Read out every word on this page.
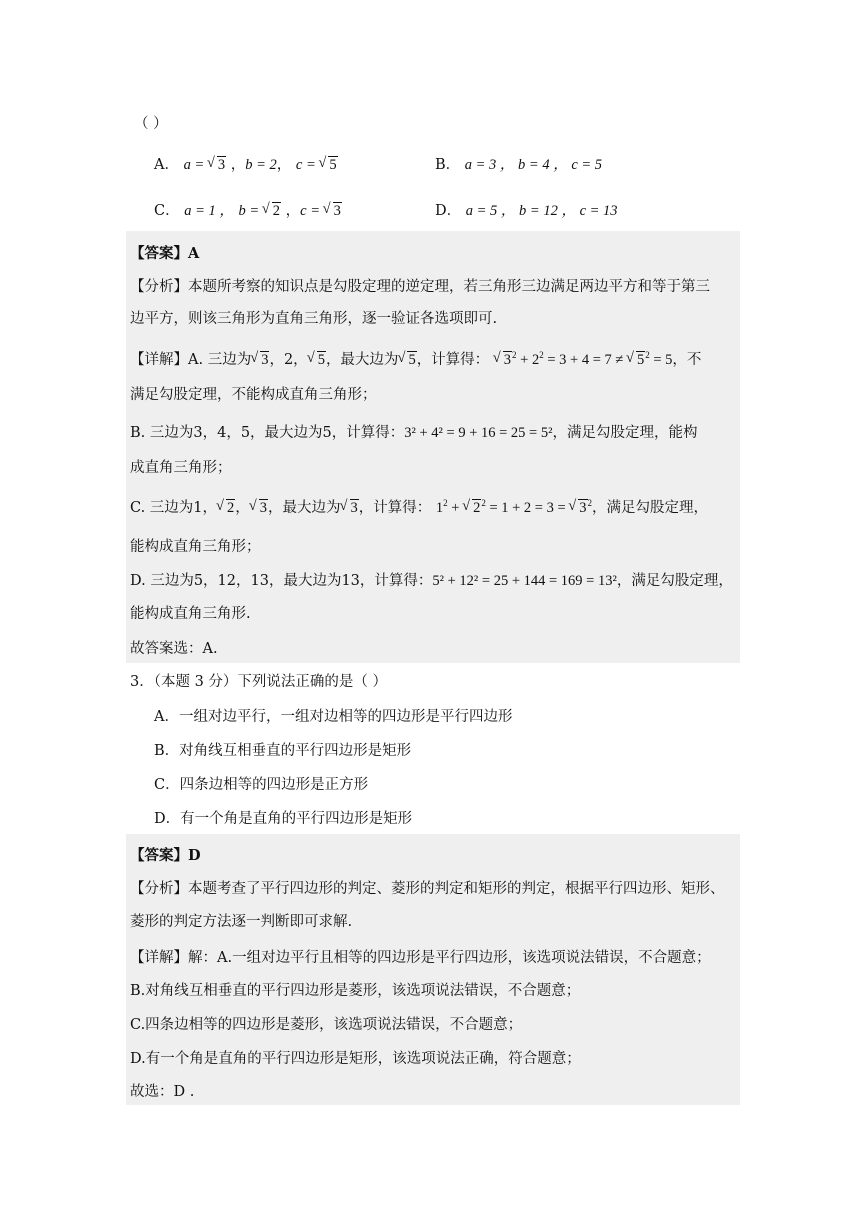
（ ）
A． a = √ 3 ，b = 2， c = √ 5	B． a = 3 ， b = 4 ， c = 5
C． a = 1 ， b = √ 2 ，c = √ 3	D． a = 5 ， b = 12 ， c = 13
【答案】A
【分析】本题所考察的知识点是勾股定理的逆定理，若三角形三边满足两边平方和等于第三
边平方，则该三角形为直角三角形，逐一验证各选项即可.
【详解】A. 三边为 √ 3，2， √ 5，最大边为 √ 5，计算得： √ $3^2 + 2^2 = 3 + 4 = 7$ ≠ √ $5^2 = 5$，不
满足勾股定理，不能构成直角三角形；
B. 三边为3，4，5，最大边为5，计算得：3² + 4² = 9 + 16 = 25 = 5²，满足勾股定理，能构
成直角三角形；
C. 三边为1， √ 2， √ 3，最大边为 √ 3，计算得： $1^2$ + √ $2^2 = 1 + 2 = 3$ = √ $3^2$，满足勾股定理，
能构成直角三角形；
D. 三边为5，12，13，最大边为13，计算得：5² + 12² = 25 + 144 = 169 = 13²，满足勾股定理，
能构成直角三角形.
故答案选：A.
3．（本题 3 分）下列说法正确的是（ ）
A．一组对边平行，一组对边相等的四边形是平行四边形
B．对角线互相垂直的平行四边形是矩形
C．四条边相等的四边形是正方形
D．有一个角是直角的平行四边形是矩形
【答案】D
【分析】本题考查了平行四边形的判定、菱形的判定和矩形的判定，根据平行四边形、矩形、
菱形的判定方法逐一判断即可求解.
【详解】解：A.一组对边平行且相等的四边形是平行四边形，该选项说法错误，不合题意；
B.对角线互相垂直的平行四边形是菱形，该选项说法错误，不合题意；
C.四条边相等的四边形是菱形，该选项说法错误，不合题意；
D.有一个角是直角的平行四边形是矩形，该选项说法正确，符合题意；
故选：D .
